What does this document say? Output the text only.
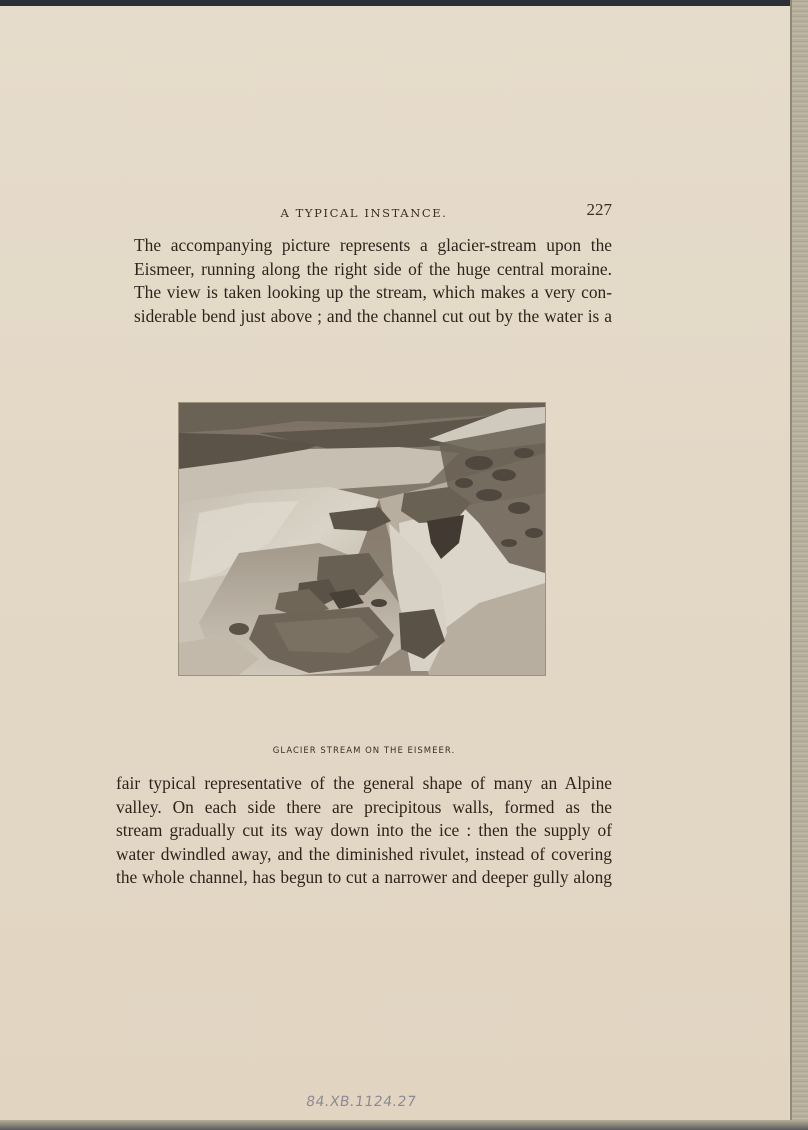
A TYPICAL INSTANCE.	227

The accompanying picture represents a glacier-stream upon the
Eismeer, running along the right side of the huge central moraine.
The view is taken looking up the stream, which makes a very con-
siderable bend just above ; and the channel cut out by the water is a

GLACIER STREAM ON THE EISMEER.

fair typical representative of the general shape of many an Alpine
valley. On each side there are precipitous walls, formed as the
stream gradually cut its way down into the ice : then the supply of
water dwindled away, and the diminished rivulet, instead of covering
the whole channel, has begun to cut a narrower and deeper gully along

84.XB.1124.27
